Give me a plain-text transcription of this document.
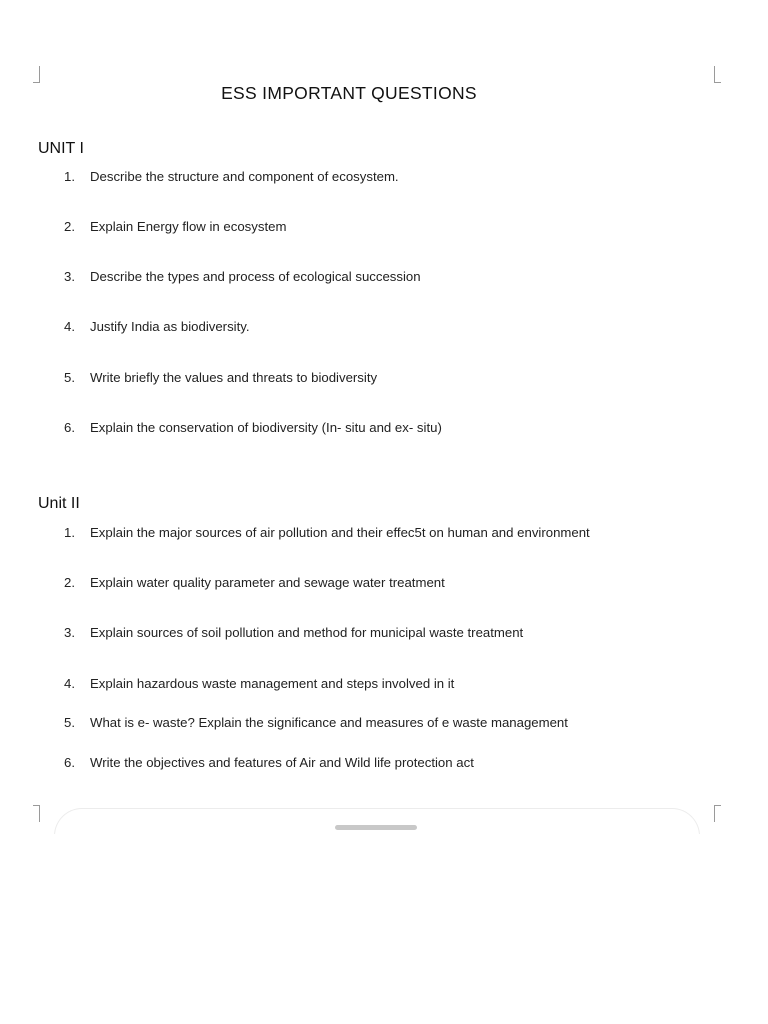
ESS IMPORTANT QUESTIONS
UNIT I
1. Describe the structure and component of ecosystem.
2. Explain Energy flow in ecosystem
3. Describe the types and process of ecological succession
4. Justify India as biodiversity.
5. Write briefly the values and threats to biodiversity
6. Explain the conservation of biodiversity (In- situ and ex- situ)
Unit II
1. Explain the major sources of air pollution and their effec5t on human and environment
2. Explain water quality parameter and sewage water treatment
3. Explain sources of soil pollution and method for municipal waste treatment
4. Explain hazardous waste management and steps involved in it
5. What is e- waste? Explain the significance and measures of e waste management
6. Write the objectives and features of Air and Wild life protection act
